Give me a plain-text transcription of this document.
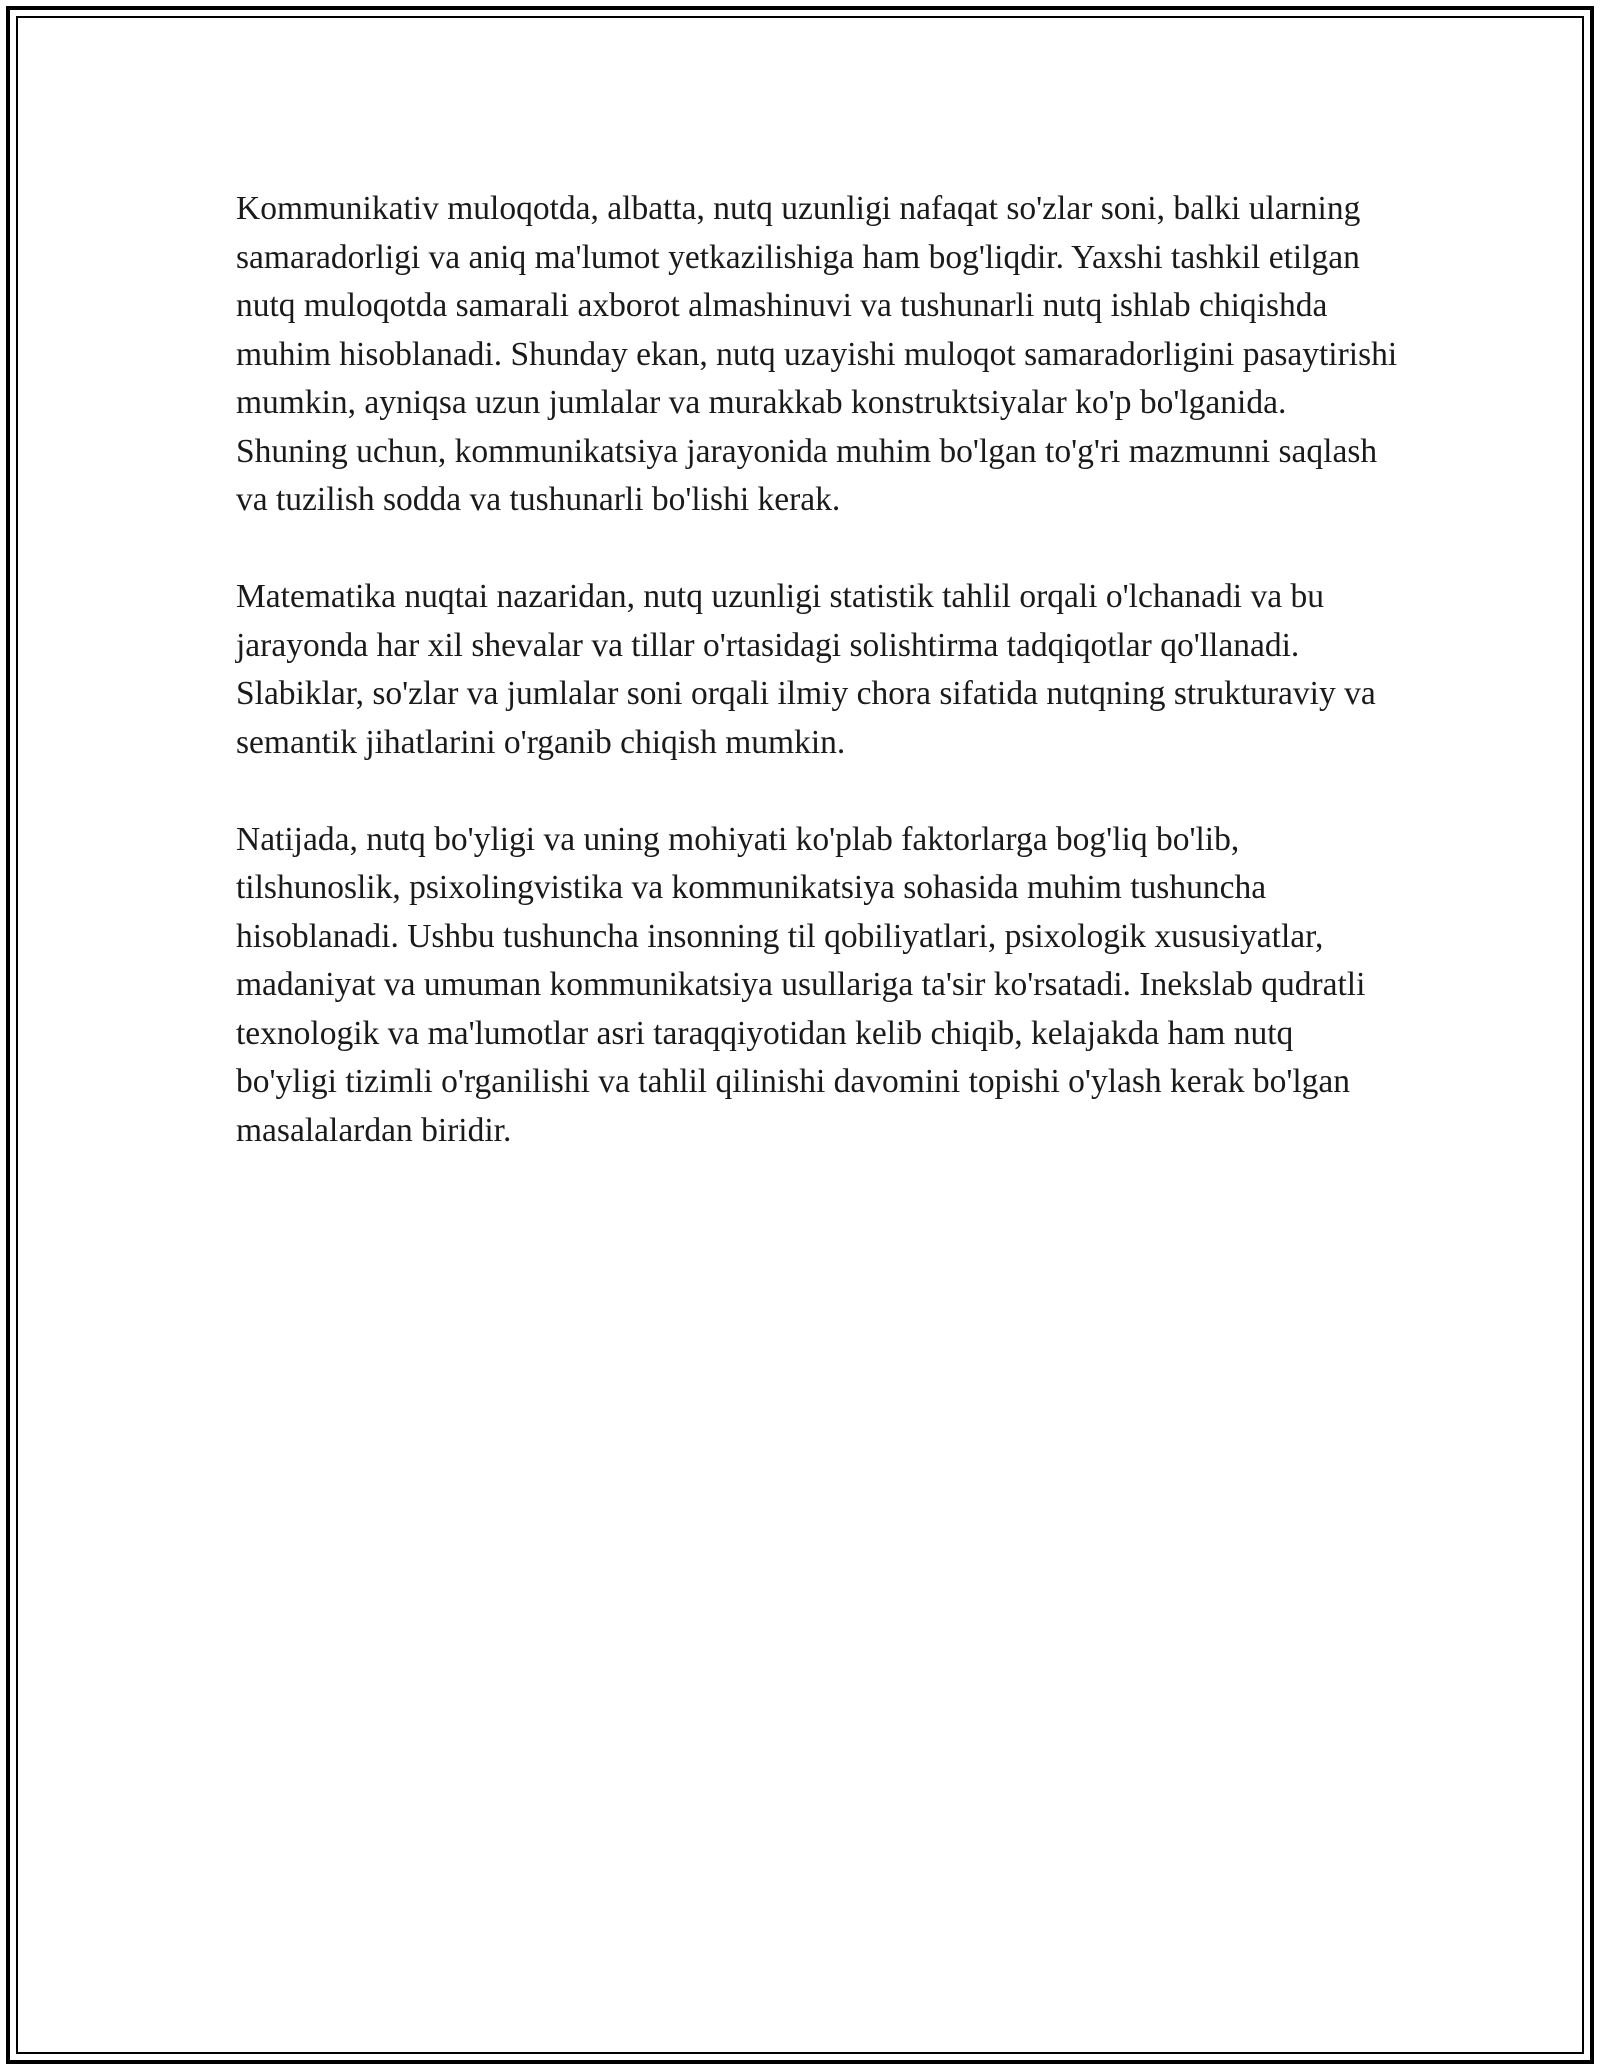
Kommunikativ muloqotda, albatta, nutq uzunligi nafaqat so'zlar soni, balki ularning samaradorligi va aniq ma'lumot yetkazilishiga ham bog'liqdir. Yaxshi tashkil etilgan nutq muloqotda samarali axborot almashinuvi va tushunarli nutq ishlab chiqishda muhim hisoblanadi. Shunday ekan, nutq uzayishi muloqot samaradorligini pasaytirishi mumkin, ayniqsa uzun jumlalar va murakkab konstruktsiyalar ko'p bo'lganida. Shuning uchun, kommunikatsiya jarayonida muhim bo'lgan to'g'ri mazmunni saqlash va tuzilish sodda va tushunarli bo'lishi kerak.

Matematika nuqtai nazaridan, nutq uzunligi statistik tahlil orqali o'lchanadi va bu jarayonda har xil shevalar va tillar o'rtasidagi solishtirma tadqiqotlar qo'llanadi. Slabiklar, so'zlar va jumlalar soni orqali ilmiy chora sifatida nutqning strukturaviy va semantik jihatlarini o'rganib chiqish mumkin.

Natijada, nutq bo'yligi va uning mohiyati ko'plab faktorlarga bog'liq bo'lib, tilshunoslik, psixolingvistika va kommunikatsiya sohasida muhim tushuncha hisoblanadi. Ushbu tushuncha insonning til qobiliyatlari, psixologik xususiyatlar, madaniyat va umuman kommunikatsiya usullariga ta'sir ko'rsatadi. Inekslab qudratli texnologik va ma'lumotlar asri taraqqiyotidan kelib chiqib, kelajakda ham nutq bo'yligi tizimli o'rganilishi va tahlil qilinishi davomini topishi o'ylash kerak bo'lgan masalalardan biridir.
